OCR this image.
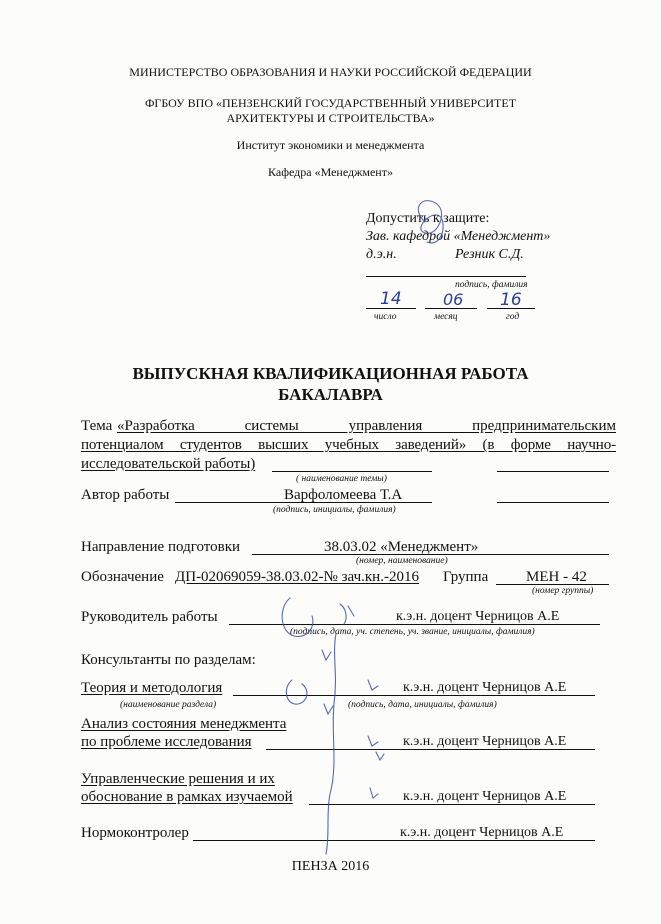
МИНИСТЕРСТВО ОБРАЗОВАНИЯ И НАУКИ РОССИЙСКОЙ ФЕДЕРАЦИИ
ФГБОУ ВПО «ПЕНЗЕНСКИЙ ГОСУДАРСТВЕННЫЙ УНИВЕРСИТЕТ
АРХИТЕКТУРЫ И СТРОИТЕЛЬСТВА»
Институт экономики и менеджмента
Кафедра «Менеджмент»
Допустить к защите:
Зав. кафедрой «Менеджмент»
д.э.н.	Резник С.Д.
подпись, фамилия
14	06 16
число	месяц	год
ВЫПУСКНАЯ КВАЛИФИКАЦИОННАЯ РАБОТА
БАКАЛАВРА
Тема «Разработка системы управления предпринимательским
потенциалом студентов высших учебных заведений» (в форме научно-
исследовательской работы)
( наименование темы)
Автор работы	Варфоломеева Т.А
(подпись, инициалы, фамилия)
Направление подготовки	38.03.02 «Менеджмент»
(номер, наименование)
Обозначение ДП-02069059-38.03.02-№ зач.кн.-2016 Группа	МЕН - 42
(номер группы)
Руководитель работы	к.э.н. доцент Черницов А.Е
(подпись, дата, уч. степень, уч. звание, инициалы, фамилия)
Консультанты по разделам:
Теория и методология	к.э.н. доцент Черницов А.Е
(наименование раздела)	(подпись, дата, инициалы, фамилия)
Анализ состояния менеджмента
по проблеме исследования	к.э.н. доцент Черницов А.Е
Управленческие решения и их
обоснование в рамках изучаемой	к.э.н. доцент Черницов А.Е
Нормоконтролер	к.э.н. доцент Черницов А.Е
ПЕНЗА 2016
